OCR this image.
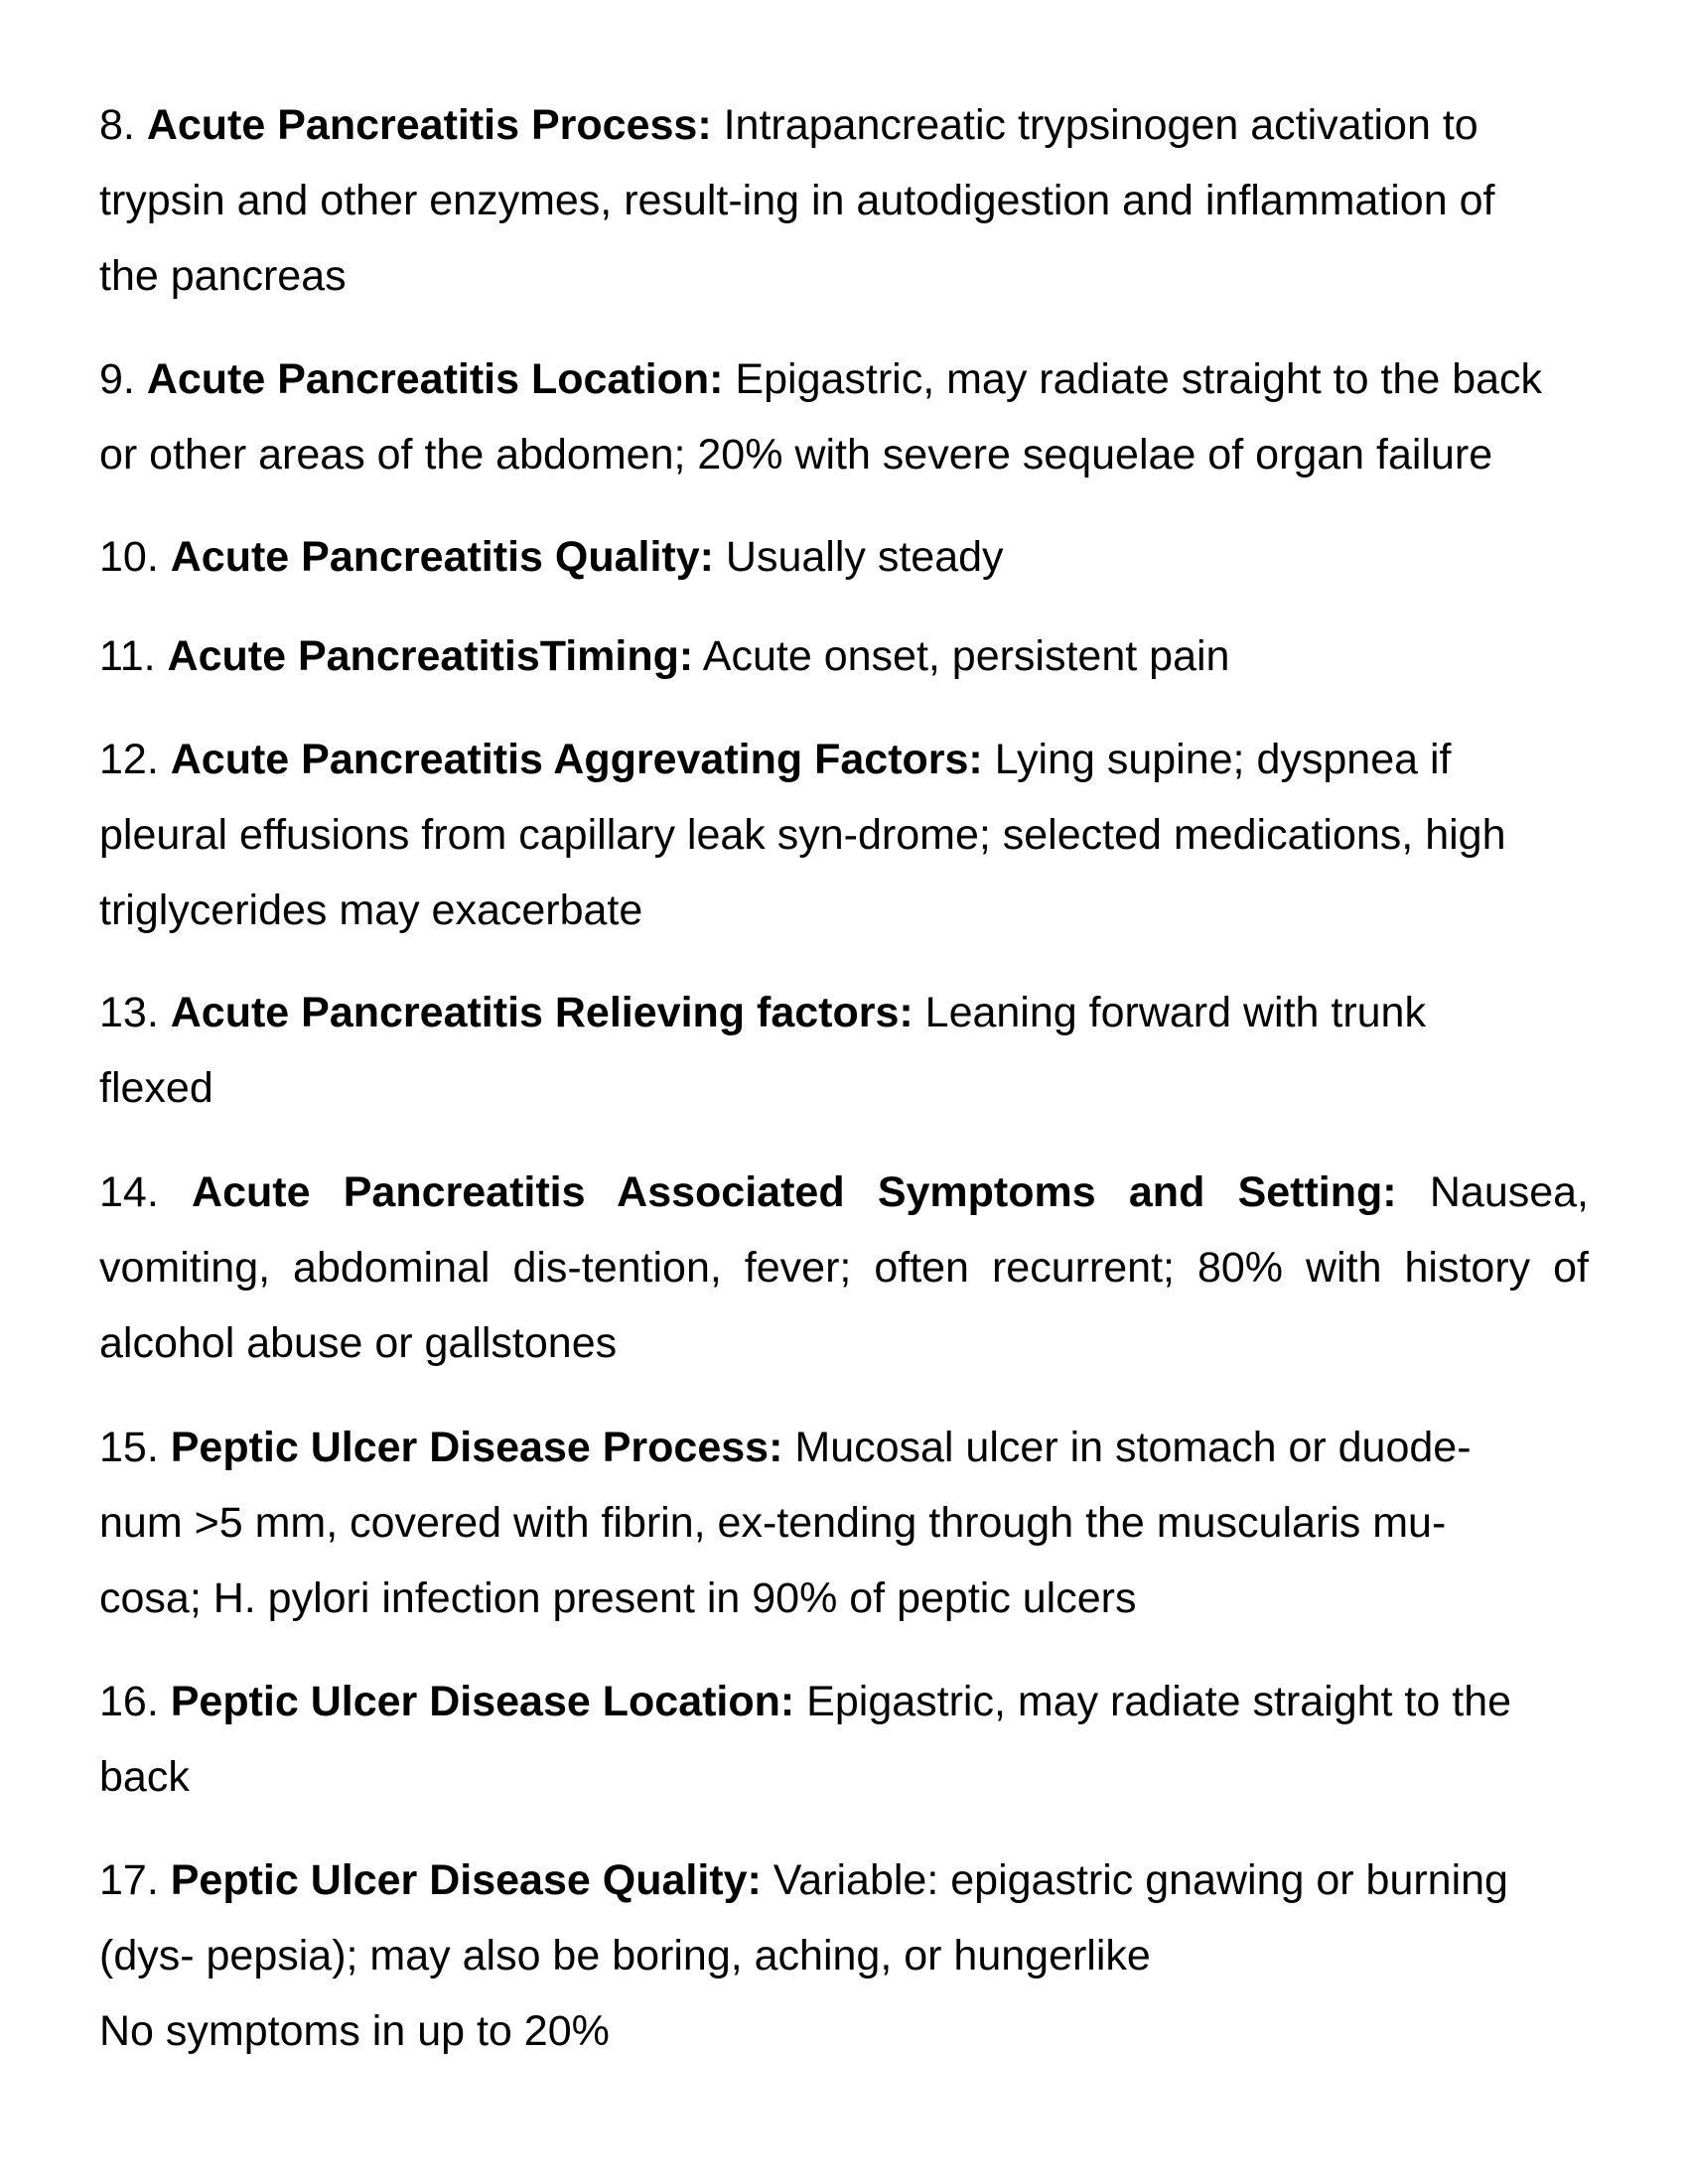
8. Acute Pancreatitis Process: Intrapancreatic trypsinogen activation to
trypsin and other enzymes, result-ing in autodigestion and inflammation of
the pancreas
9. Acute Pancreatitis Location: Epigastric, may radiate straight to the back
or other areas of the abdomen; 20% with severe sequelae of organ failure
10. Acute Pancreatitis Quality: Usually steady
11. Acute PancreatitisTiming: Acute onset, persistent pain
12. Acute Pancreatitis Aggrevating Factors: Lying supine; dyspnea if
pleural effusions from capillary leak syn-drome; selected medications, high
triglycerides may exacerbate
13. Acute Pancreatitis Relieving factors: Leaning forward with trunk
flexed
14. Acute Pancreatitis Associated Symptoms and Setting: Nausea,
vomiting, abdominal dis-tention, fever; often recurrent; 80% with history of
alcohol abuse or gallstones
15. Peptic Ulcer Disease Process: Mucosal ulcer in stomach or duode-
num >5 mm, covered with fibrin, ex-tending through the muscularis mu-
cosa; H. pylori infection present in 90% of peptic ulcers
16. Peptic Ulcer Disease Location: Epigastric, may radiate straight to the
back
17. Peptic Ulcer Disease Quality: Variable: epigastric gnawing or burning
(dys- pepsia); may also be boring, aching, or hungerlike
No symptoms in up to 20%
